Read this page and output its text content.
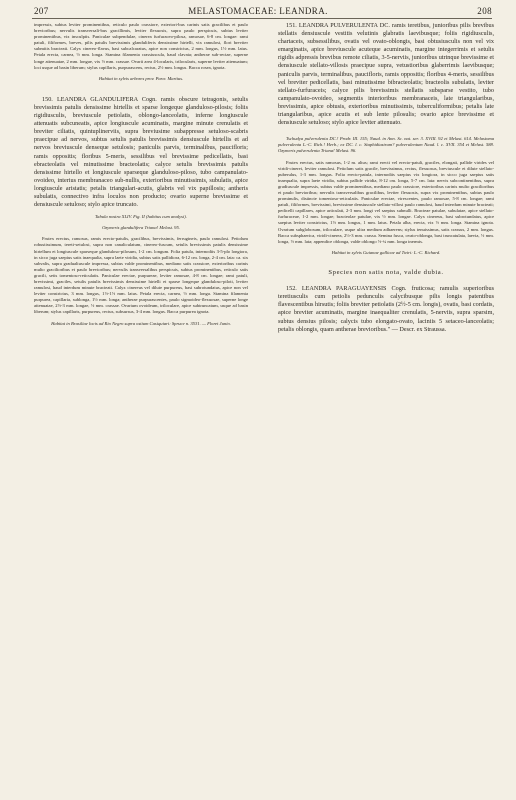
207	MELASTOMACEAE: LEANDRA.	208

impressis, subtus leviter prominentibus, reticulo paulo crassiore, exteriori-bus carinis satis gracilibus et paulo brevioribus; nervulis transversali-bus gracillimis, leviter flexuosis, supra paulo perspicuis, subtus leviter prominentibus, vix insculptis. Paniculae subpendulae, cinerea furfuraceo-pilosa, ramosae, 6-8 cm. longae: rami patuli, filiformes, breves, pilis patulis brevissimis glanduliferis densissime hirtelli, vix ramulosi, flori breviter submitis bracteati. Calyx cinereo-flavus, basi subcalcaratus, apice non constrictus, 2 mm. longus, 1½ mm. latus. Petala erecta, carnea, ½ mm. longa. Stamina filamenta crassiuscula, haud clavata; antherae sub-rectae, superne longe attenuatae, 2 mm. longae, vix ½ mm. crassae. Ovarii area 4-locularis, trilocularis, superne leviter attenuatum; loci usque ad basin liberum; stylus capillaris, purpurascens, rectus, 2½ mm. longus. Bacca rosea, ignota.

Habitat in sylvis arbores prov. Para: Martius.

150. LEANDRA GLANDULIFERA Cogn. ramis obscure tetragonis, setulis brevissimis patulis densissime hirtellis et sparse longeque glanduloso-pilosis; foliis rigidiusculis, breviuscule petiolatis, oblongo-lanceolatis, inferne longiuscule attenuatis subcuneatis, apice longiuscule acuminatis, margine minute crenulatis et breviter ciliatis, quintuplinerviis, supra breviusime subappresse setuloso-scabris praecipue ad nervos, subtus setulis patulis brevissimis densiuscule hirtellis et ad nervos breviuscule denseque setulosis; paniculis parvis, terminalibus, paucifloris; ramis oppositis; floribus 5-meris, sessilibus vel brevissime pedicellatis, basi ebracteolatis vel minutissime bracteolatis; calyce setulis brevissimis patulis densissime hirtello et longiuscule sparseque glanduloso-piloso, tubo campanulato-ovoideo, interius membranaceo sub-nullis, exterioribus minutissimis, subulatis, apice longiuscule aristatis; petalis triangulari-acutis, glabris vel vix papillosis; antheris subulatis, connectivo infra loculos non producto; ovario superne brevissime et densiuscule setuloso; stylo apice truncato.

Tabula nostra XLIV. Fig. II (habitus cum analysi).

Ozymeris glandulifera Triana! Melast. 95.

Frutex erectus, ramosus, ramis erecto-patulis, gracilibus, brevissimis, ferrugineis, paulo ramulosi. Petiolum robustissimum, tereti-setulosi, supra non canaliculatum, cinereo-fuscum, setulis brevissimis patulis densissime hirtellum et longiuscule sparseque glanduloso-pilosum, 1-2 cm. longum. Folia patula, internodiis 3-5-plo longiora, in sicco juga saepius satis inaequalia, supra laete viridia, subtus satis pallidiora, 6-12 cm. longa, 2-4 cm. lata: ca. six subvalis, supra gradualiuscule impressa, subtus valde prominentibus, mediano satis crassiore, exterioribus carinis multo gracilioribus et paulo brevioribus; nervulis transversalibus perspicuis, subtus prominentibus, reticulo satis gracili, setis tomentoso-reticulatis. Paniculae erectae, purpureae, leviter ramosae, 4-8 cm. longae; rami patuli, brevissimi, graciles, setulis patulis brevissimis densissime hirtelli et sparse longeque glanduloso-piloti, leviter ramulosi, haud interdum minute bracteati. Calyx cinereus vel dilute purpureus, basi subrotundatus, apice non vel leviter constrictus, 3 mm. longus, 1½-1½ mm. latus. Petala erecta, carnea, ½ mm. longa. Stamina filamenta purpurea, capillaria, sublonga, 1½ mm. longa; antherae purpurascentes, paulo sigmoideo-flexuosae, superne longe attenuatae, 2½-3 mm. longae, ½ mm. crassae. Ovarium ovoideum, triloculare, apice subtruncatum, usque ad basin liberum; stylus capillaris, purpureus, rectus, subsursus, 3-4 mm. longus. Bacca purpurea ignota.

Habitat in Brasiliae locis ad Rio Negro supra ostium Casiquiari: Spruce n. 3531. — Floret Junio.

151. LEANDRA PULVERULENTA DC. ramis teretibus, junioribus pilis brevibus stellatis densiuscule vestitis velutinis glabratis laevibusque; foliis rigidiusculis, chartaceis, subsessilibus, ovatis vel ovato-oblongis, basi obtusiusculis non vel vix emarginatis, apice breviuscule acuteque acuminatis, margine integerrimis et setulis rigidis adpressis brevibus remote ciliatis, 3-5-nerviis, junioribus utrinque brevissime et densiuscule stellato-villosis praecipue supra, vetustioribus glaberrimis laevibusque; paniculis parvis, terminalibus, paucifloris, ramis oppositis; floribus 4-meris, sessilibus vel breviter pedicellatis, basi minutissime bibracteolatis; bracteolis subulatis, leviter stellato-furfuraceis; calyce pilis brevissimis stellatis subsparse vestito, tubo campanulato-ovoideo, segmentis interioribus membranaceis, late triangularibus, brevissimis, apice obtusis, exterioribus minutissimis, tuberculiformibus; petalis late triangularibus, apice acutis et sub lente pilosulis; ovario apice brevissime et densiuscule setuloso; stylo apice leviter attenuato.

Tschudya pulverulenta DC.! Prodr. III. 155; Naud. in Ann. Sc. nat. ser. 3. XVIII. 92 et Melast. 614. Melastoma pulverulenta L.-C. Rich.! Herb.; ex DC. l. c. Staphidiastrum? pulverulentum Naud. l. c. XVII. 354 et Melast. 588. Ozymeris pulverulenta Triana! Melast. 96.

Frutex erectus, satis ramosus, 1-2 m. altus; rami erecti vel erecto-patuli, graciles, elongati, pallide virides vel viridi-cinerei, leviter ramulosi. Petiolum satis gracile, brevissimus, rectus, flexuosus, breviuscule et dilute stellato-puberulus, 1-3 mm. longus. Folia erecto-patula, internodiis saepius vix longiora, in sicco juga saepius satis inaequalia, supra laete viridia, subtus pallide viridia, 8-12 cm. longa, 5-7 cm. lata: nervis subcontinentibus, supra gradiuscule impressis, subtus valde prominentibus, mediano paulo crassiore, exterioribus carinis multo gracilioribus et paulo brevioribus; nervulis transversalibus gracilibus, leviter flexuosis, supra vix prominentibus, subtus paulo prominulis, distincte tomentoso-reticulatis. Paniculae erectae, virescentes, paulo ramosae, 5-8 cm. longae; rami patuli, filiformes, brevissimi, brevissime densiuscule stellato-villosi paulo ramulosi, haud interdum minute bracteati; pedicelli capillares, apice articulati, 2-3 mm. longi vel saepius subnulli. Bracteae patulae, subulatae, apice stellato-furfuraceae, 1-2 mm. longae; bracteolae patulae, vix ½ mm. longae. Calyx cinereus, basi subrotundatus, apice saepius leviter constrictus, 1½ mm. longus, 1 mm. latus. Petala alba, erecta, vix ½ mm. longa. Stamina ignota. Ovarium subglobosum, triloculare, usque ultra medium adhaerens; stylus tenuissimus, satis crassus, 2 mm. longus. Bacca subsphaerica, viridi-cinerea, 2½-3 mm. crassa. Semina fusca, ovato-oblonga, basi truncatulata, laevia, ½ mm. longa, ½ mm. lata; appendice oblonga, valde oblongo ½-¼ mm. longa inermis.

Habitat in sylvis Guianae gallicae ad Twiri: L.-C. Richard.

Species non satis nota, valde dubia.

152. LEANDRA PARAGUAYENSIS Cogn. fruticosa; ramulis superioribus teretiusculis cum petiolis pedunculis calycibusque pilis longis patentibus flavescentibus hirsutis; foliis breviter petiolatis (2½-5 cm. longis), ovatis, basi cordatis, apice breviter acuminatis, margine inaequaliter crenulatis, 5-nerviis, supra sparsim, subtus densius pilosis; calycis tubo elongato-ovato, laciniis 5 setaceo-lanceolatis; petalis oblongis, quam antherae brevioribus." — Descr. ex Straussa.
